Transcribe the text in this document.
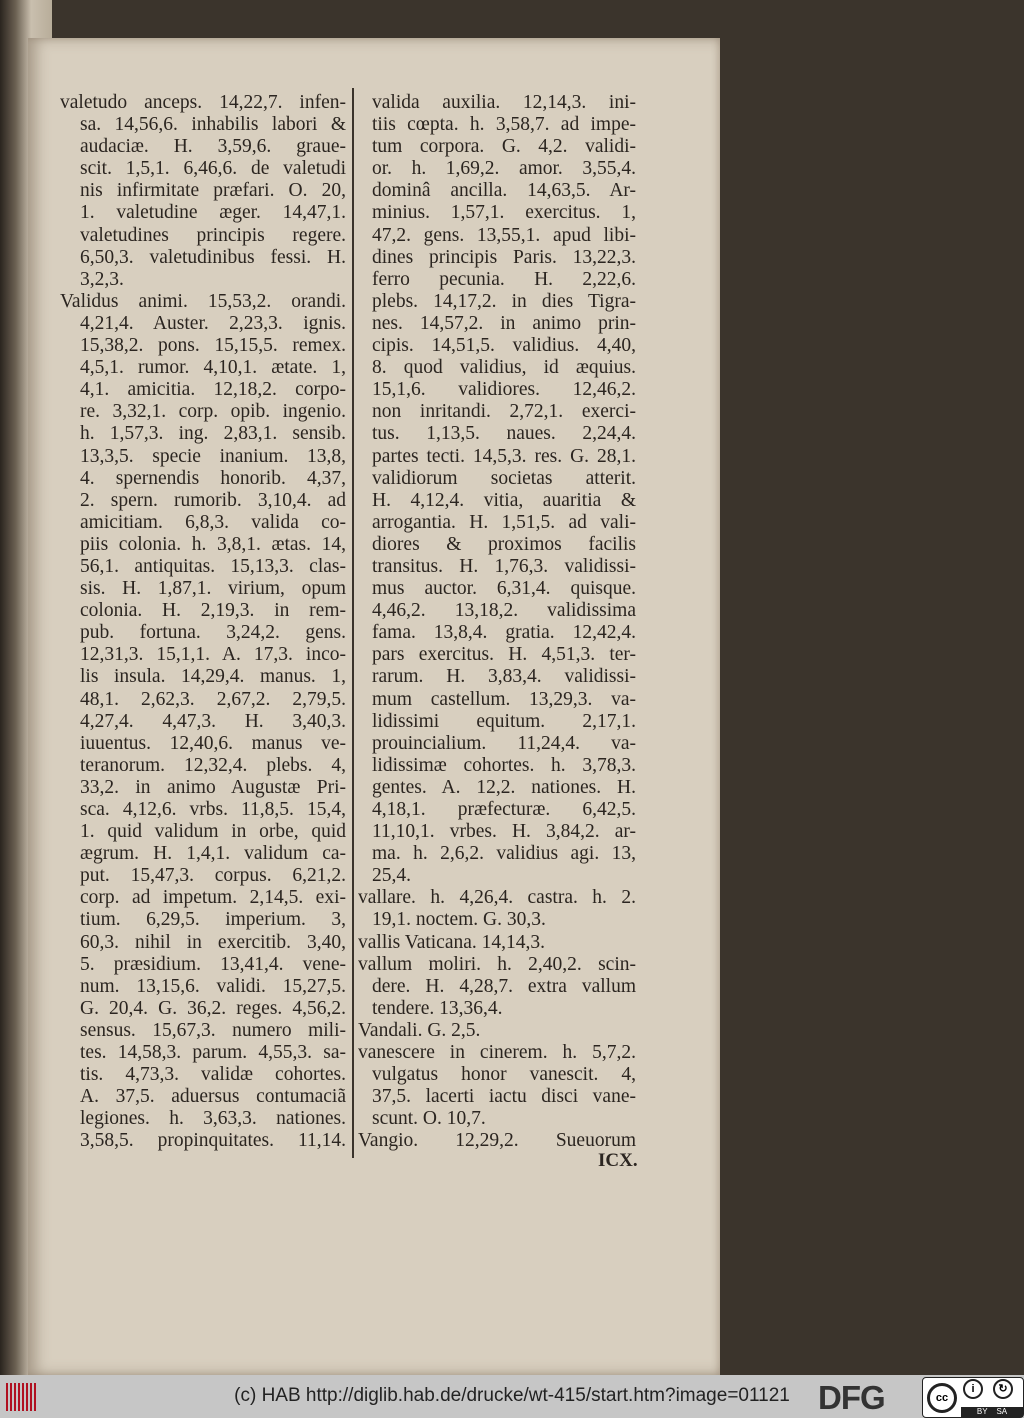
valetudo anceps. 14,22,7. infen-
sa. 14,56,6. inhabilis labori &
audaciæ. H. 3,59,6. graue-
scit. 1,5,1. 6,46,6. de valetudi
nis infirmitate præfari. O. 20,
1. valetudine æger. 14,47,1.
valetudines principis regere.
6,50,3. valetudinibus fessi. H.
3,2,3.
Validus animi. 15,53,2. orandi.
4,21,4. Auster. 2,23,3. ignis.
15,38,2. pons. 15,15,5. remex.
4,5,1. rumor. 4,10,1. ætate. 1,
4,1. amicitia. 12,18,2. corpo-
re. 3,32,1. corp. opib. ingenio.
h. 1,57,3. ing. 2,83,1. sensib.
13,3,5. specie inanium. 13,8,
4. spernendis honorib. 4,37,
2. spern. rumorib. 3,10,4. ad
amicitiam. 6,8,3. valida co-
piis colonia. h. 3,8,1. ætas. 14,
56,1. antiquitas. 15,13,3. clas-
sis. H. 1,87,1. virium, opum
colonia. H. 2,19,3. in rem-
pub. fortuna. 3,24,2. gens.
12,31,3. 15,1,1. A. 17,3. inco-
lis insula. 14,29,4. manus. 1,
48,1. 2,62,3. 2,67,2. 2,79,5.
4,27,4. 4,47,3. H. 3,40,3.
iuuentus. 12,40,6. manus ve-
teranorum. 12,32,4. plebs. 4,
33,2. in animo Augustæ Pri-
sca. 4,12,6. vrbs. 11,8,5. 15,4,
1. quid validum in orbe, quid
ægrum. H. 1,4,1. validum ca-
put. 15,47,3. corpus. 6,21,2.
corp. ad impetum. 2,14,5. exi-
tium. 6,29,5. imperium. 3,
60,3. nihil in exercitib. 3,40,
5. præsidium. 13,41,4. vene-
num. 13,15,6. validi. 15,27,5.
G. 20,4. G. 36,2. reges. 4,56,2.
sensus. 15,67,3. numero mili-
tes. 14,58,3. parum. 4,55,3. sa-
tis. 4,73,3. validæ cohortes.
A. 37,5. aduersus contumaciã
legiones. h. 3,63,3. nationes.
3,58,5. propinquitates. 11,14.
valida auxilia. 12,14,3. ini-
tiis cœpta. h. 3,58,7. ad impe-
tum corpora. G. 4,2. validi-
or. h. 1,69,2. amor. 3,55,4.
dominâ ancilla. 14,63,5. Ar-
minius. 1,57,1. exercitus. 1,
47,2. gens. 13,55,1. apud libi-
dines principis Paris. 13,22,3.
ferro pecunia. H. 2,22,6.
plebs. 14,17,2. in dies Tigra-
nes. 14,57,2. in animo prin-
cipis. 14,51,5. validius. 4,40,
8. quod validius, id æquius.
15,1,6. validiores. 12,46,2.
non inritandi. 2,72,1. exerci-
tus. 1,13,5. naues. 2,24,4.
partes tecti. 14,5,3. res. G. 28,1.
validiorum societas atterit.
H. 4,12,4. vitia, auaritia &
arrogantia. H. 1,51,5. ad vali-
diores & proximos facilis
transitus. H. 1,76,3. validissi-
mus auctor. 6,31,4. quisque.
4,46,2. 13,18,2. validissima
fama. 13,8,4. gratia. 12,42,4.
pars exercitus. H. 4,51,3. ter-
rarum. H. 3,83,4. validissi-
mum castellum. 13,29,3. va-
lidissimi equitum. 2,17,1.
prouincialium. 11,24,4. va-
lidissimæ cohortes. h. 3,78,3.
gentes. A. 12,2. nationes. H.
4,18,1. præfecturæ. 6,42,5.
11,10,1. vrbes. H. 3,84,2. ar-
ma. h. 2,6,2. validius agi. 13,
25,4.
vallare. h. 4,26,4. castra. h. 2.
19,1. noctem. G. 30,3.
vallis Vaticana. 14,14,3.
vallum moliri. h. 2,40,2. scin-
dere. H. 4,28,7. extra vallum
tendere. 13,36,4.
Vandali. G. 2,5.
vanescere in cinerem. h. 5,7,2.
vulgatus honor vanescit. 4,
37,5. lacerti iactu disci vane-
scunt. O. 10,7.
Vangio. 12,29,2. Sueuorum
ICX.
(c) HAB http://diglib.hab.de/drucke/wt-415/start.htm?image=01121 DFG	cc
i	↻
BY SA
